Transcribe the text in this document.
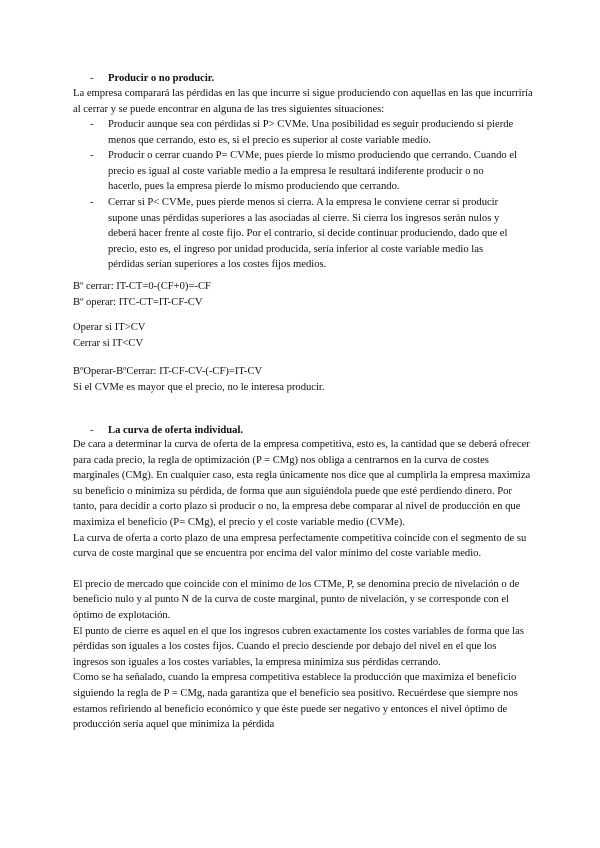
- Producir o no producir.

La empresa comparará las pérdidas en las que incurre si sigue produciendo con aquellas en las que incurriría al cerrar y se puede encontrar en alguna de las tres siguientes situaciones:

- Producir aunque sea con pérdidas si P> CVMe. Una posibilidad es seguir produciendo si pierde menos que cerrando, esto es, si el precio es superior al coste variable medio.
- Producir o cerrar cuando P= CVMe, pues pierde lo mismo produciendo que cerrando. Cuando el precio es igual al coste variable medio a la empresa le resultará indiferente producir o no hacerlo, pues la empresa pierde lo mismo produciendo que cerrando.
- Cerrar si P< CVMe, pues pierde menos si cierra. A la empresa le conviene cerrar si producir supone unas pérdidas superiores a las asociadas al cierre. Si cierra los ingresos serán nulos y deberá hacer frente al coste fijo. Por el contrario, si decide continuar produciendo, dado que el precio, esto es, el ingreso por unidad producida, sería inferior al coste variable medio las pérdidas serían superiores a los costes fijos medios.
Bº cerrar: IT-CT=0-(CF+0)=-CF
Bº operar: ITC-CT=IT-CF-CV
Operar si IT>CV
Cerrar si IT<CV
BºOperar-BºCerrar: IT-CF-CV-(-CF)=IT-CV
Si el CVMe es mayor que el precio, no le interesa producir.
- La curva de oferta individual.
De cara a determinar la curva de oferta de la empresa competitiva, esto es, la cantidad que se deberá ofrecer para cada precio, la regla de optimización (P = CMg) nos obliga a centrarnos en la curva de costes marginales (CMg). En cualquier caso, esta regla únicamente nos dice que al cumplirla la empresa maximiza su beneficio o minimiza su pérdida, de forma que aun siguiéndola puede que esté perdiendo dinero. Por tanto, para decidir a corto plazo si producir o no, la empresa debe comparar al nivel de producción en que maximiza el beneficio (P= CMg), el precio y el coste variable medio (CVMe).
La curva de oferta a corto plazo de una empresa perfectamente competitiva coincide con el segmento de su curva de coste marginal que se encuentra por encima del valor mínimo del coste variable medio.
El precio de mercado que coincide con el mínimo de los CTMe, P, se denomina precio de nivelación o de beneficio nulo y al punto N de la curva de coste marginal, punto de nivelación, y se corresponde con el óptimo de explotación.
El punto de cierre es aquel en el que los ingresos cubren exactamente los costes variables de forma que las pérdidas son iguales a los costes fijos. Cuando el precio desciende por debajo del nivel en el que los ingresos son iguales a los costes variables, la empresa minimiza sus pérdidas cerrando.
Como se ha señalado, cuando la empresa competitiva establece la producción que maximiza el beneficio siguiendo la regla de P = CMg, nada garantiza que el beneficio sea positivo. Recuérdese que siempre nos estamos refiriendo al beneficio económico y que éste puede ser negativo y entonces el nivel óptimo de producción sería aquel que minimiza la pérdida
